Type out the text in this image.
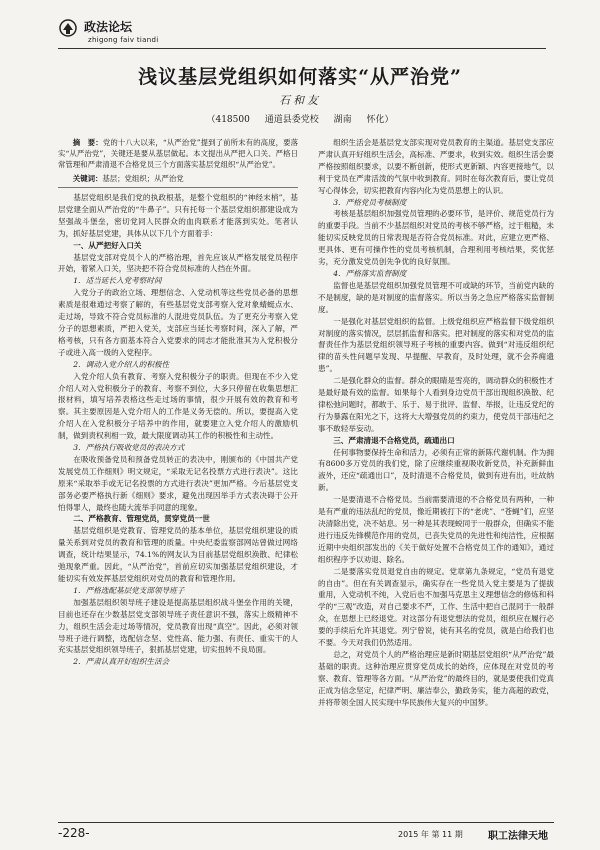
政法论坛
zhigong faiv tiandi
浅议基层党组织如何落实“从严治党”
石和友
（418500 通道县委党校 湖南 怀化）

摘　要：党的十八大以来，“从严治党”提到了前所未有的高度，要落实“从严治党”，关键还是要从基层做起。本文提出从严把入口关、严格日常管理和严肃清退不合格党员三个方面落实基层党组织“从严治党”。

关键词：基层；党组织；从严治党

基层党组织是我们党的执政根基，是整个党组织的“神经末梢”，基层党建全面从严治党的“牛鼻子”。只有托每一个基层党组织都建设成为坚强战斗堡垒，密切党同人民群众的血肉联系才能落到实处。笔者认为，抓好基层党建，具体从以下几个方面着手：

一、从严把好入口关

基层党支部对党员个人的严格治理，首先应该从严格发展党员程序开始，着紧入口关，坚决把不符合党员标准的人挡在外面。

1．适当延长入党考察时间

入党分子的政治立场、理想信念、入党动机等这些党员必备的思想素质是很难通过考察了解的，有些基层党支部考察入党对象蜻蜓点水、走过场，导致不符合党员标准的人混进党员队伍。为了更充分考察入党分子的思想素质，严把入党关，支部应当延长考察时间，深入了解，严格考核，只有各方面基本符合入党要求的同志才能批准其为入党积极分子或进入高一级的入党程序。

2．调动入党介绍人的积极性

入党介绍人负有教育、考察入党积极分子的职责。但现在不少入党介绍人对入党积极分子的教育、考察不到位，大多只停留在收集思想汇报材料，填写培养表格这些走过场的事情，很少开展有效的教育和考察。其主要原因是入党介绍人的工作是义务无偿的。所以，要提高入党介绍人在入党积极分子培养中的作用，就要建立入党介绍人的激励机制，做到责权利相一致，最大限度调动其工作的积极性和主动性。

3．严格执行吸收党员的表决方式

在吸收预备党员和预备党员转正的表决中，刚颁布的《中国共产党发展党员工作细则》明文规定，“采取无记名投票方式进行表决”。这比原来“采取举手或无记名投票的方式进行表决”更加严格。今后基层党支部务必要严格执行新《细则》要求，避免出现因举手方式表决碍于公开怕得罪人，最终也随大流举手同意的现象。

二、严格教育、管理党员，贯穿党员一世

基层党组织是党教育、管理党员的基本单位，基层党组织建设的质量关系到对党员的教育和管理的质量。中央纪委监察部网站曾做过网络调查，统计结果显示，74.1%的网友认为目前基层党组织涣散、纪律松弛现象严重。因此，“从严治党”，首前应切实加强基层党组织建设，才能切实有效发挥基层党组织对党员的教育和管理作用。

1．严格选配基层党支部领导班子

加强基层组织领导班子建设是提高基层组织战斗堡垒作用的关键，目前也还存在少数基层党支部领导班子责任意识不强，落实上级精神不力，组织生活会走过场等情况，党员教育出现“真空”。因此，必须对领导班子进行调整，选配信念坚、党性高、能力强、有责任、重实干的人充实基层党组织领导班子，狠抓基层党建，切实扭转不良局面。

2．严肃认真开好组织生活会

组织生活会是基层党支部实现对党员教育的主渠道。基层党支部应严肃认真开好组织生活会，高标准、严要求，收到实效。组织生活会要严格按照组织要求，以要不断创新，使形式更新颖、内容更接地气，以利于党员在严肃活泼的气氛中收到教育。同时在每次教育后，要让党员写心得体会，切实把教育内容内化为党员思想上的认识。

3．严格党员考核制度

考核是基层组织加强党员管理的必要环节，是评价、规范党员行为的重要手段。当前不少基层组织对党员的考核不够严格，过于粗糙，未能切实反映党员的日常表现是否符合党员标准。对此，应建立更严格、更具体、更有可操作性的党员考核机制，合理利用考核结果，奖优惩劣，充分激发党员创先争优的良好氛围。

4．严格落实监督制度

监督也是基层党组织加强党员管理不可或缺的环节，当前党内缺的不是制度，缺的是对制度的监督落实。所以当务之急应严格落实监督制度。

一是强化对基层党组织的监督。上级党组织应严格监督下级党组织对制度的落实情况，层层抓监督和落实。把对制度的落实和对党员的监督责任作为基层党组织领导班子考核的重要内容。做到“对违反组织纪律的苗头性问题早发现、早提醒、早教育，及时处理，就不会养痈遗患”。

二是强化群众的监督。群众的眼睛是雪亮的，调动群众的积极性才是最好最有效的监督。如果每个人看到身边党员干部出现组织涣散、纪律松弛问题时，都敢于、乐于、易于批评、监督、举报，让违反党纪的行为暴露在阳光之下，这将大大增强党员的约束力，使党员干部违纪之事不敢轻举妄动。

三、严肃清退不合格党员，疏通出口

任何事物要保持生命和活力，必须有正常的新陈代谢机制。作为拥有8600多万党员的我们党，除了应继续重视吸收新党员，补充新鲜血液外，还应“疏通出口”，及时清退不合格党员，做到有进有出，吐故纳新。

一是要清退不合格党员。当前需要清退的不合格党员有两种，一种是有严重的违法乱纪的党员，像近期被打下的“老虎”、“苍蝇”们，应坚决清除出党，决不姑息。另一种是其表现蜕同于一般群众，但确实不能进行违反先锋模范作用的党员，已丧失党员的先进性和纯洁性，应根据近期中央组织部发出的《关于做好处置不合格党员工作的通知》，通过组织程序予以劝退、除名。

二是要落实党员退党自由的规定。党章第九条规定，“党员有退党的自由”。但在有关调查显示，确实存在一些党员入党主要是为了提拔重用，入党动机不纯，入党后也不加强马克思主义理想信念的修炼和科学的“三观”改造，对自己要求不严，工作、生活中把自己混同于一般群众，在思想上已经退党。对这部分有退党想法的党员，组织应在履行必要的手续后允许其退党。列宁曾说，徒有其名的党员，就是白给我们也不要。今天对我们仍然适用。

总之，对党员个人的严格治理应是新时期基层党组织“从严治党”最基础的职责。这种治理应贯穿党员成长的始终，应体现在对党员的考察、教育、管理等各方面。“从严治党”的最终目的，就是要使我们党真正成为信念坚定，纪律严明、廉洁奉公，勤政务实，能力高超的政党，并将带领全国人民实现中华民族伟大复兴的中国梦。

-228-	2015 年 第 11 期	职工法律天地
